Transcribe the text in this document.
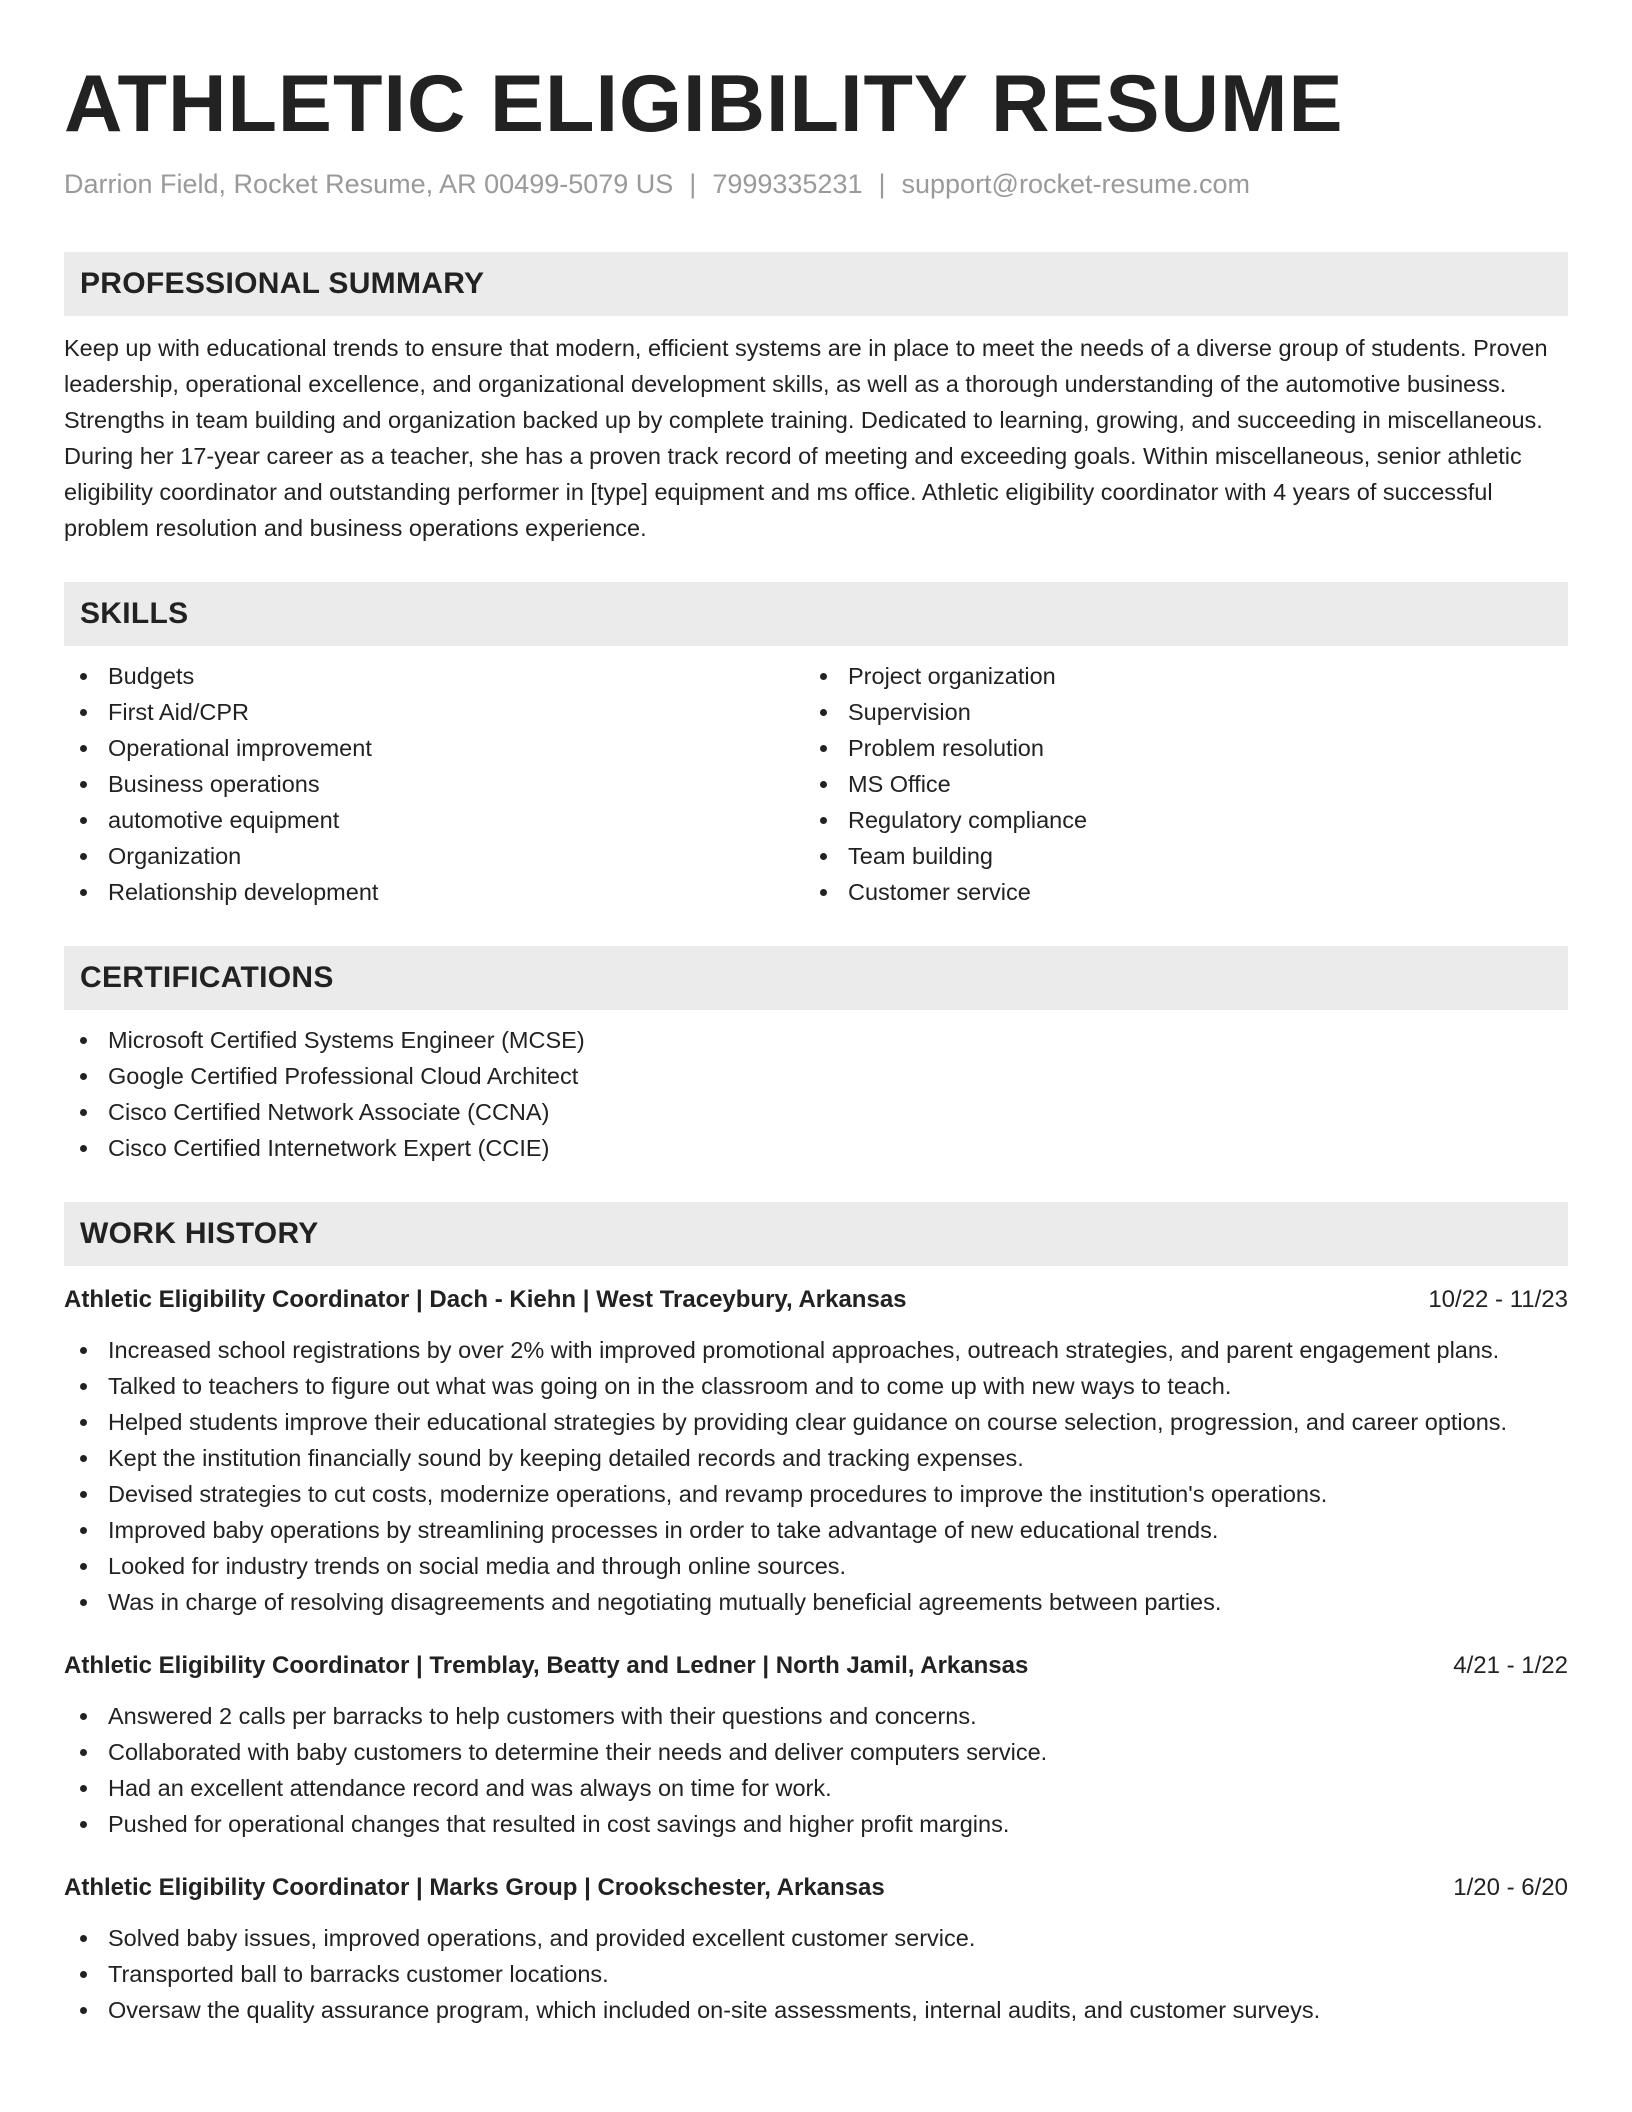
ATHLETIC ELIGIBILITY RESUME
Darrion Field, Rocket Resume, AR 00499-5079 US | 7999335231 | support@rocket-resume.com
PROFESSIONAL SUMMARY

Keep up with educational trends to ensure that modern, efficient systems are in place to meet the needs of a diverse group of students. Proven leadership, operational excellence, and organizational development skills, as well as a thorough understanding of the automotive business. Strengths in team building and organization backed up by complete training. Dedicated to learning, growing, and succeeding in miscellaneous. During her 17-year career as a teacher, she has a proven track record of meeting and exceeding goals. Within miscellaneous, senior athletic eligibility coordinator and outstanding performer in [type] equipment and ms office. Athletic eligibility coordinator with 4 years of successful problem resolution and business operations experience.

SKILLS
Budgets
First Aid/CPR
Operational improvement
Business operations
automotive equipment
Organization
Relationship development
Project organization
Supervision
Problem resolution
MS Office
Regulatory compliance
Team building
Customer service
CERTIFICATIONS
Microsoft Certified Systems Engineer (MCSE)
Google Certified Professional Cloud Architect
Cisco Certified Network Associate (CCNA)
Cisco Certified Internetwork Expert (CCIE)
WORK HISTORY
Athletic Eligibility Coordinator | Dach - Kiehn | West Traceybury, Arkansas	10/22 - 11/23
Increased school registrations by over 2% with improved promotional approaches, outreach strategies, and parent engagement plans.
Talked to teachers to figure out what was going on in the classroom and to come up with new ways to teach.
Helped students improve their educational strategies by providing clear guidance on course selection, progression, and career options.
Kept the institution financially sound by keeping detailed records and tracking expenses.
Devised strategies to cut costs, modernize operations, and revamp procedures to improve the institution's operations.
Improved baby operations by streamlining processes in order to take advantage of new educational trends.
Looked for industry trends on social media and through online sources.
Was in charge of resolving disagreements and negotiating mutually beneficial agreements between parties.
Athletic Eligibility Coordinator | Tremblay, Beatty and Ledner | North Jamil, Arkansas	4/21 - 1/22
Answered 2 calls per barracks to help customers with their questions and concerns.
Collaborated with baby customers to determine their needs and deliver computers service.
Had an excellent attendance record and was always on time for work.
Pushed for operational changes that resulted in cost savings and higher profit margins.
Athletic Eligibility Coordinator | Marks Group | Crookschester, Arkansas	1/20 - 6/20
Solved baby issues, improved operations, and provided excellent customer service.
Transported ball to barracks customer locations.
Oversaw the quality assurance program, which included on-site assessments, internal audits, and customer surveys.
